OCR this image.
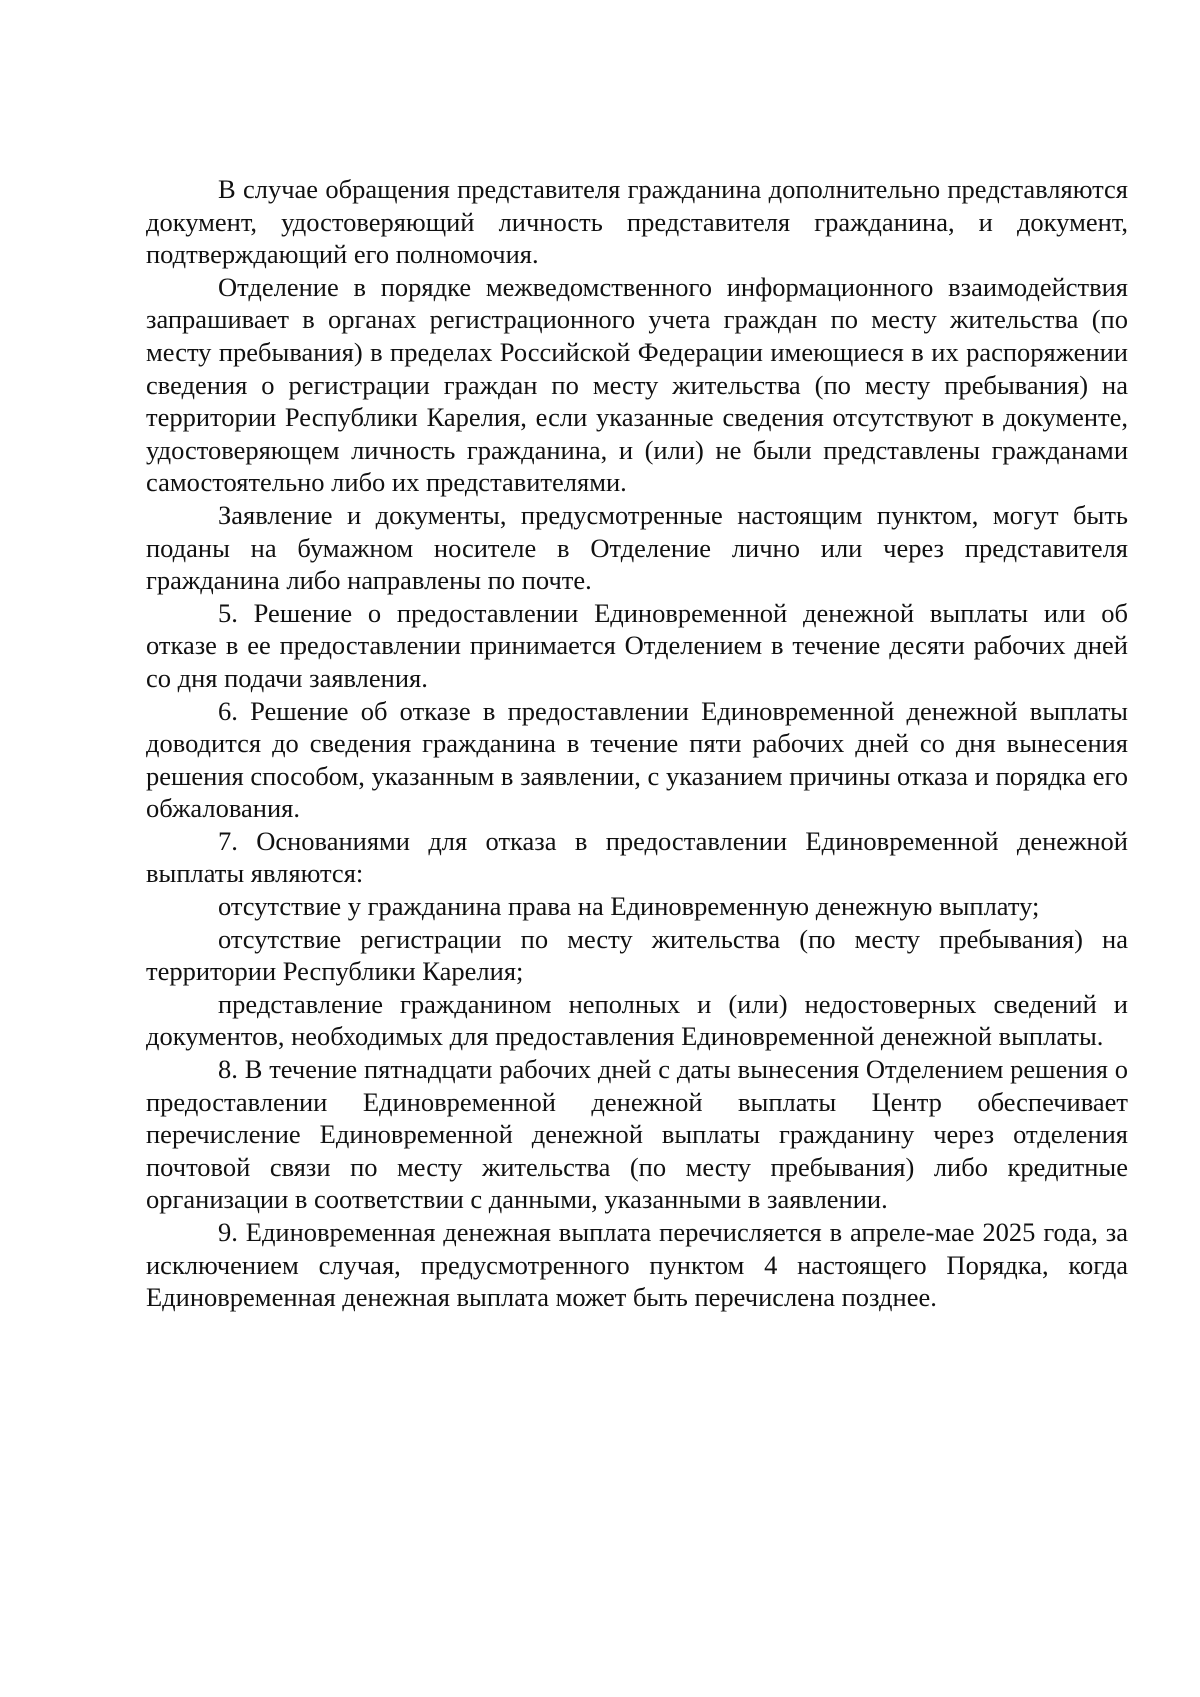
В случае обращения представителя гражданина дополнительно представляются документ, удостоверяющий личность представителя гражданина, и документ, подтверждающий его полномочия.

Отделение в порядке межведомственного информационного взаимодействия запрашивает в органах регистрационного учета граждан по месту жительства (по месту пребывания) в пределах Российской Федерации имеющиеся в их распоряжении сведения о регистрации граждан по месту жительства (по месту пребывания) на территории Республики Карелия, если указанные сведения отсутствуют в документе, удостоверяющем личность гражданина, и (или) не были представлены гражданами самостоятельно либо их представителями.

Заявление и документы, предусмотренные настоящим пунктом, могут быть поданы на бумажном носителе в Отделение лично или через представителя гражданина либо направлены по почте.

5. Решение о предоставлении Единовременной денежной выплаты или об отказе в ее предоставлении принимается Отделением в течение десяти рабочих дней со дня подачи заявления.

6. Решение об отказе в предоставлении Единовременной денежной выплаты доводится до сведения гражданина в течение пяти рабочих дней со дня вынесения решения способом, указанным в заявлении, с указанием причины отказа и порядка его обжалования.

7. Основаниями для отказа в предоставлении Единовременной денежной выплаты являются:

отсутствие у гражданина права на Единовременную денежную выплату;

отсутствие регистрации по месту жительства (по месту пребывания) на территории Республики Карелия;

представление гражданином неполных и (или) недостоверных сведений и документов, необходимых для предоставления Единовременной денежной выплаты.

8. В течение пятнадцати рабочих дней с даты вынесения Отделением решения о предоставлении Единовременной денежной выплаты Центр обеспечивает перечисление Единовременной денежной выплаты гражданину через отделения почтовой связи по месту жительства (по месту пребывания) либо кредитные организации в соответствии с данными, указанными в заявлении.

9. Единовременная денежная выплата перечисляется в апреле-мае 2025 года, за исключением случая, предусмотренного пунктом 4 настоящего Порядка, когда Единовременная денежная выплата может быть перечислена позднее.
